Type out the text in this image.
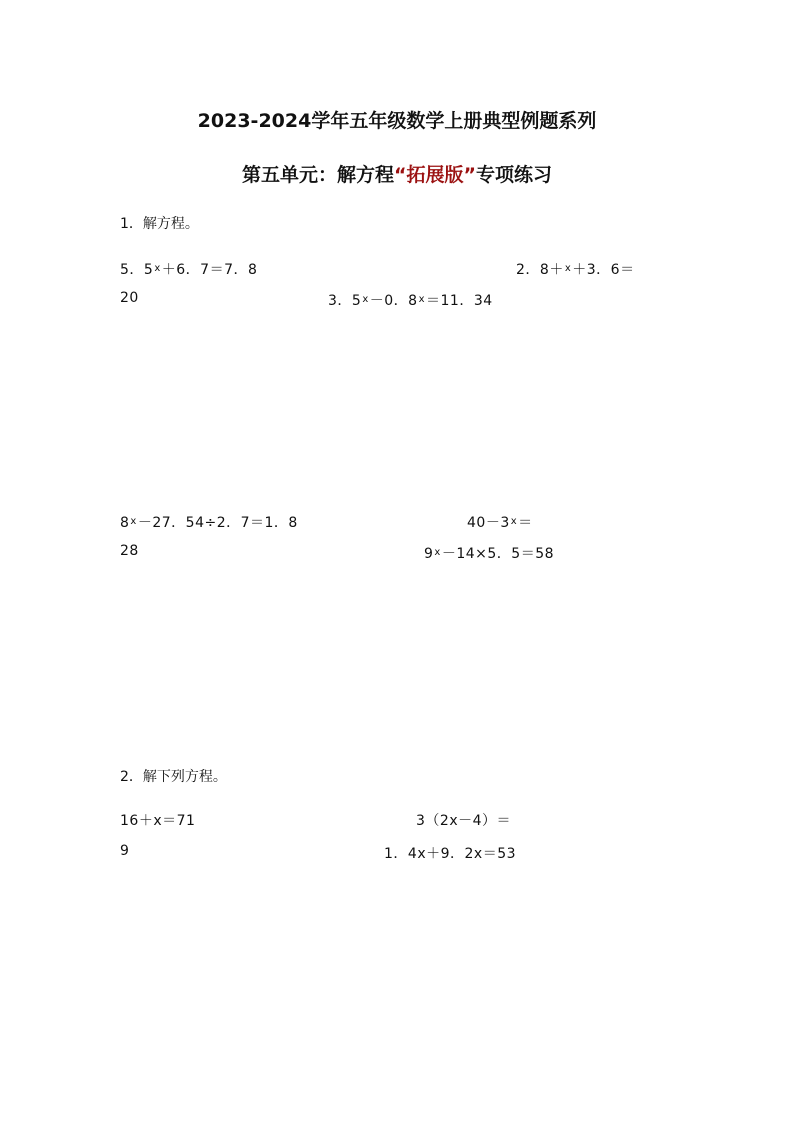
2023-2024学年五年级数学上册典型例题系列
第五单元：解方程“拓展版”专项练习
1．解方程。
5．$5^x+6$．7＝7．8	2．8＋$^x$＋3．6＝
20	3．$5^x-0$．$8^x=11$．34
$8^x-27$．54÷2．7＝1．8	$40-3^x=$
28	$9^x-14\times 5$．5＝58
2．解下列方程。
16＋x＝71	3（2x－4）＝
9	1．4x＋9．2x＝53
